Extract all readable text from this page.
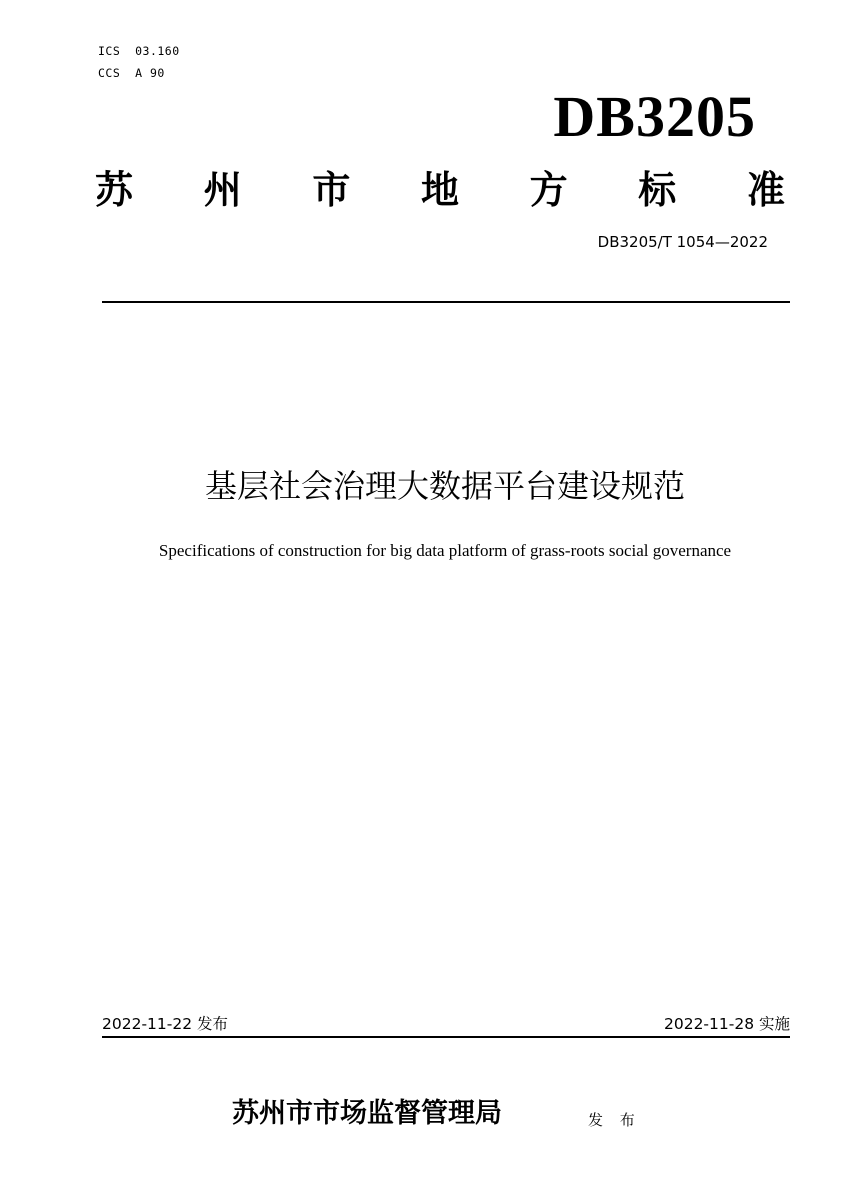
ICS  03.160
CCS  A 90
DB3205
苏 州 市 地 方 标 准
DB3205/T 1054—2022
基层社会治理大数据平台建设规范
Specifications of construction for big data platform of grass-roots social governance
2022-11-22 发布	2022-11-28 实施
苏州市市场监督管理局	发 布
